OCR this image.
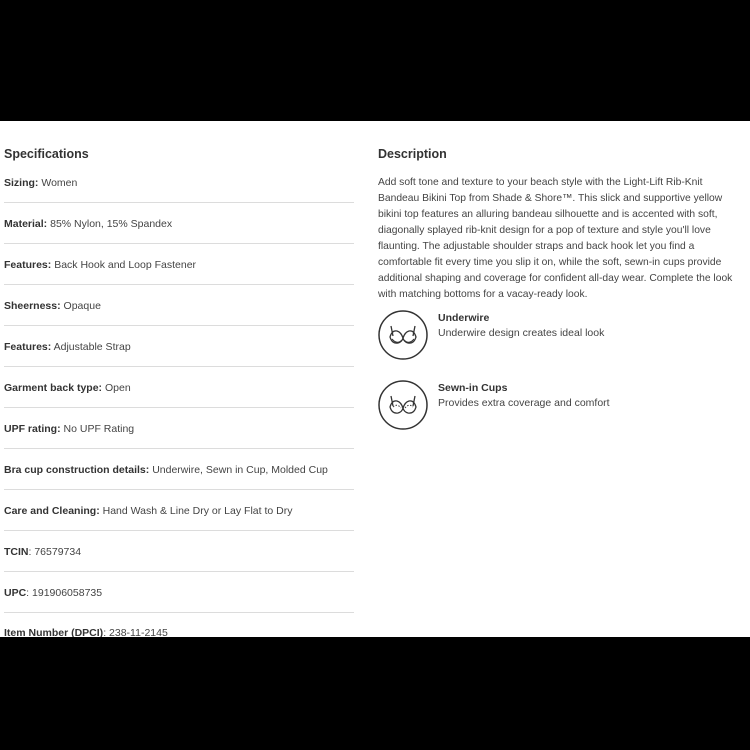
Specifications
Sizing: Women
Material: 85% Nylon, 15% Spandex
Features: Back Hook and Loop Fastener
Sheerness: Opaque
Features: Adjustable Strap
Garment back type: Open
UPF rating: No UPF Rating
Bra cup construction details: Underwire, Sewn in Cup, Molded Cup
Care and Cleaning: Hand Wash & Line Dry or Lay Flat to Dry
TCIN: 76579734
UPC: 191906058735
Item Number (DPCI): 238-11-2145
Description
Add soft tone and texture to your beach style with the Light-Lift Rib-Knit Bandeau Bikini Top from Shade & Shore™. This slick and supportive yellow bikini top features an alluring bandeau silhouette and is accented with soft, diagonally splayed rib-knit design for a pop of texture and style you'll love flaunting. The adjustable shoulder straps and back hook let you find a comfortable fit every time you slip it on, while the soft, sewn-in cups provide additional shaping and coverage for confident all-day wear. Complete the look with matching bottoms for a vacay-ready look.
Underwire
Underwire design creates ideal look
Sewn-in Cups
Provides extra coverage and comfort
